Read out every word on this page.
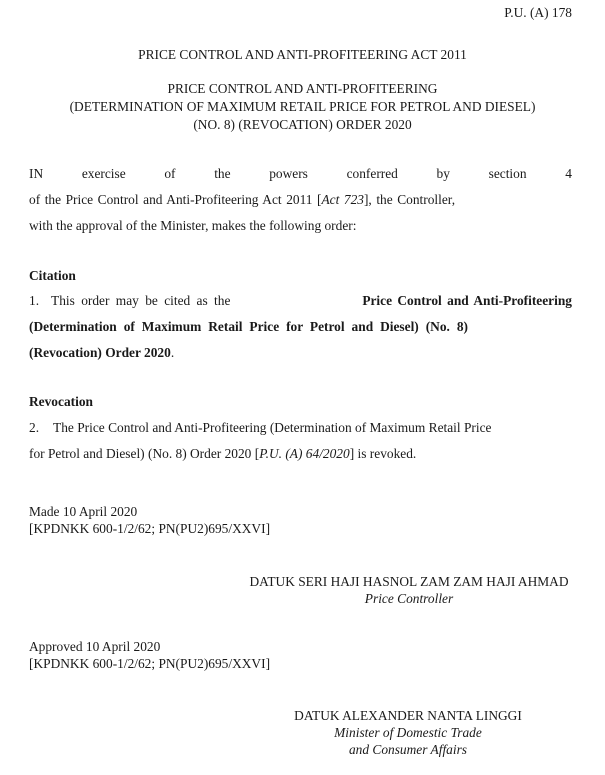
P.U. (A) 178
PRICE CONTROL AND ANTI-PROFITEERING ACT 2011
PRICE CONTROL AND ANTI-PROFITEERING
(DETERMINATION OF MAXIMUM RETAIL PRICE FOR PETROL AND DIESEL)
(NO. 8) (REVOCATION) ORDER 2020
IN	exercise	of	the	powers	conferred	by	section	4
of the Price Control and Anti-Profiteering Act 2011 [Act 723], the Controller,
with the approval of the Minister, makes the following order:
Citation
1. This order may be cited as the	Price Control and Anti-Profiteering
(Determination of Maximum Retail Price for Petrol and Diesel) (No. 8)
(Revocation) Order 2020.
Revocation
2. The Price Control and Anti-Profiteering (Determination of Maximum Retail Price
for Petrol and Diesel) (No. 8) Order 2020 [P.U. (A) 64/2020] is revoked.
Made 10 April 2020
[KPDNKK 600-1/2/62; PN(PU2)695/XXVI]
DATUK SERI HAJI HASNOL ZAM ZAM HAJI AHMAD
Price Controller
Approved 10 April 2020
[KPDNKK 600-1/2/62; PN(PU2)695/XXVI]
DATUK ALEXANDER NANTA LINGGI
Minister of Domestic Trade
and Consumer Affairs
